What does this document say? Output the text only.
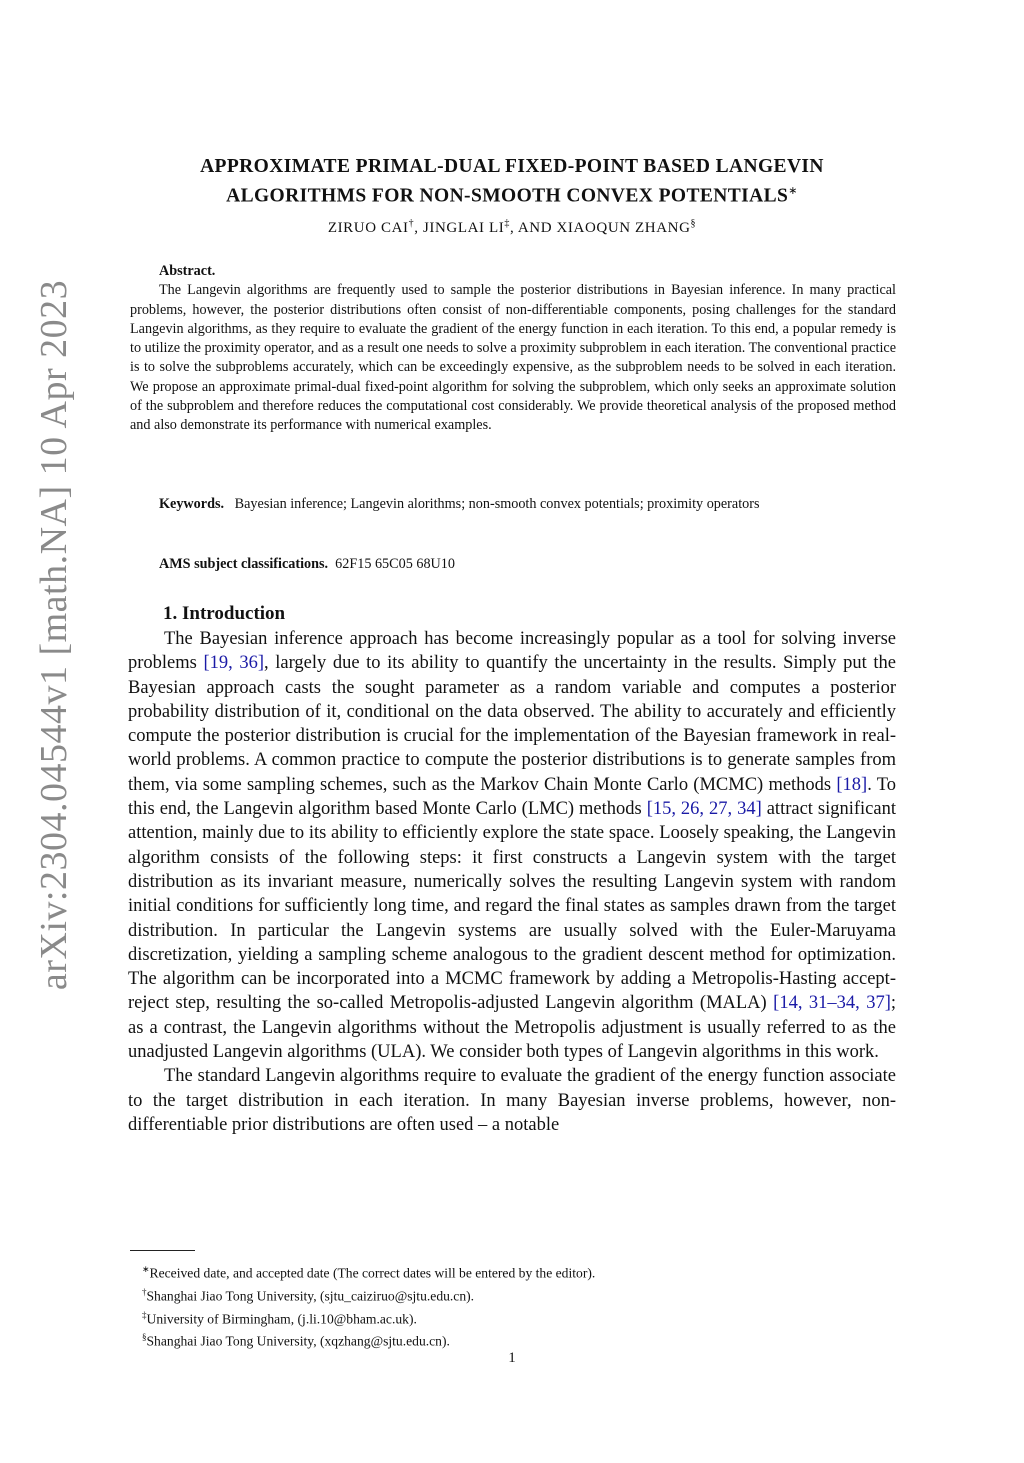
arXiv:2304.04544v1 [math.NA] 10 Apr 2023
APPROXIMATE PRIMAL-DUAL FIXED-POINT BASED LANGEVIN
ALGORITHMS FOR NON-SMOOTH CONVEX POTENTIALS∗
ZIRUO CAI†, JINGLAI LI‡, AND XIAOQUN ZHANG§
Abstract.

The Langevin algorithms are frequently used to sample the posterior distributions in Bayesian inference. In many practical problems, however, the posterior distributions often consist of non-differentiable components, posing challenges for the standard Langevin algorithms, as they require to evaluate the gradient of the energy function in each iteration. To this end, a popular remedy is to utilize the proximity operator, and as a result one needs to solve a proximity subproblem in each iteration. The conventional practice is to solve the subproblems accurately, which can be exceedingly expensive, as the subproblem needs to be solved in each iteration. We propose an approximate primal-dual fixed-point algorithm for solving the subproblem, which only seeks an approximate solution of the subproblem and therefore reduces the computational cost considerably. We provide theoretical analysis of the proposed method and also demonstrate its performance with numerical examples.

Keywords. Bayesian inference; Langevin alorithms; non-smooth convex potentials; proximity operators

AMS subject classifications. 62F15 65C05 68U10

1. Introduction

The Bayesian inference approach has become increasingly popular as a tool for solving inverse problems [19, 36], largely due to its ability to quantify the uncertainty in the results. Simply put the Bayesian approach casts the sought parameter as a random variable and computes a posterior probability distribution of it, conditional on the data observed. The ability to accurately and efficiently compute the posterior distribution is crucial for the implementation of the Bayesian framework in real-world problems. A common practice to compute the posterior distributions is to generate samples from them, via some sampling schemes, such as the Markov Chain Monte Carlo (MCMC) methods [18]. To this end, the Langevin algorithm based Monte Carlo (LMC) methods [15, 26, 27, 34] attract significant attention, mainly due to its ability to efficiently explore the state space. Loosely speaking, the Langevin algorithm consists of the following steps: it first constructs a Langevin system with the target distribution as its invariant measure, numerically solves the resulting Langevin system with random initial conditions for sufficiently long time, and regard the final states as samples drawn from the target distribution. In particular the Langevin systems are usually solved with the Euler-Maruyama discretization, yielding a sampling scheme analogous to the gradient descent method for optimization. The algorithm can be incorporated into a MCMC framework by adding a Metropolis-Hasting accept-reject step, resulting the so-called Metropolis-adjusted Langevin algorithm (MALA) [14, 31–34, 37]; as a contrast, the Langevin algorithms without the Metropolis adjustment is usually referred to as the unadjusted Langevin algorithms (ULA). We consider both types of Langevin algorithms in this work.

The standard Langevin algorithms require to evaluate the gradient of the energy function associate to the target distribution in each iteration. In many Bayesian inverse problems, however, non-differentiable prior distributions are often used – a notable

∗Received date, and accepted date (The correct dates will be entered by the editor).
†Shanghai Jiao Tong University, (sjtu_caiziruo@sjtu.edu.cn).
‡University of Birmingham, (j.li.10@bham.ac.uk).
§Shanghai Jiao Tong University, (xqzhang@sjtu.edu.cn).
1
